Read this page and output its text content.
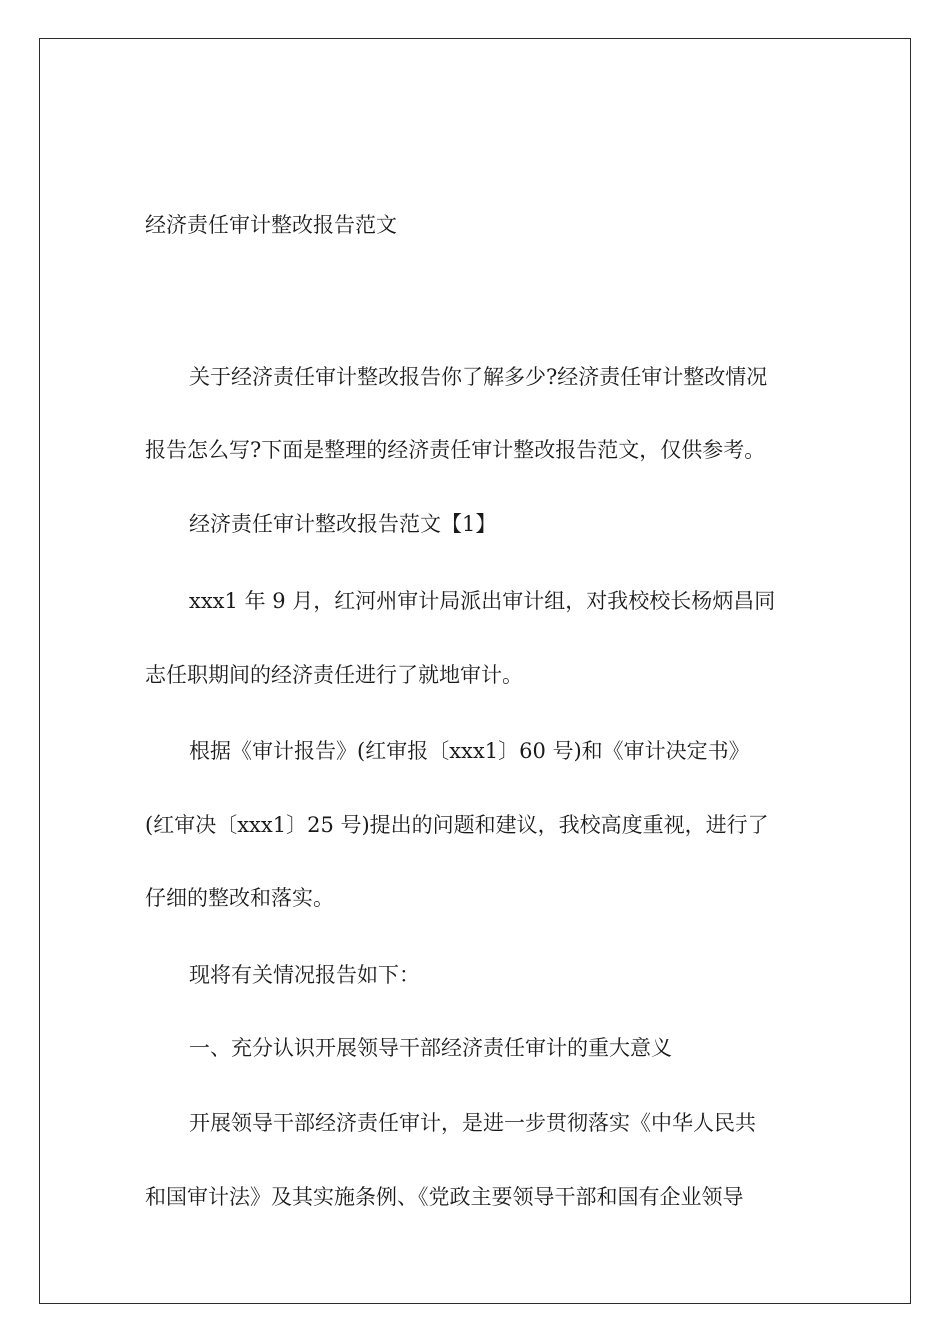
经济责任审计整改报告范文
关于经济责任审计整改报告你了解多少?经济责任审计整改情况
报告怎么写?下面是整理的经济责任审计整改报告范文，仅供参考。
经济责任审计整改报告范文【1】
xxx1 年 9 月，红河州审计局派出审计组，对我校校长杨炳昌同
志任职期间的经济责任进行了就地审计。
根据《审计报告》(红审报〔xxx1〕60 号)和《审计决定书》
(红审决〔xxx1〕25 号)提出的问题和建议，我校高度重视，进行了
仔细的整改和落实。
现将有关情况报告如下：
一、充分认识开展领导干部经济责任审计的重大意义
开展领导干部经济责任审计，是进一步贯彻落实《中华人民共
和国审计法》及其实施条例、《党政主要领导干部和国有企业领导
